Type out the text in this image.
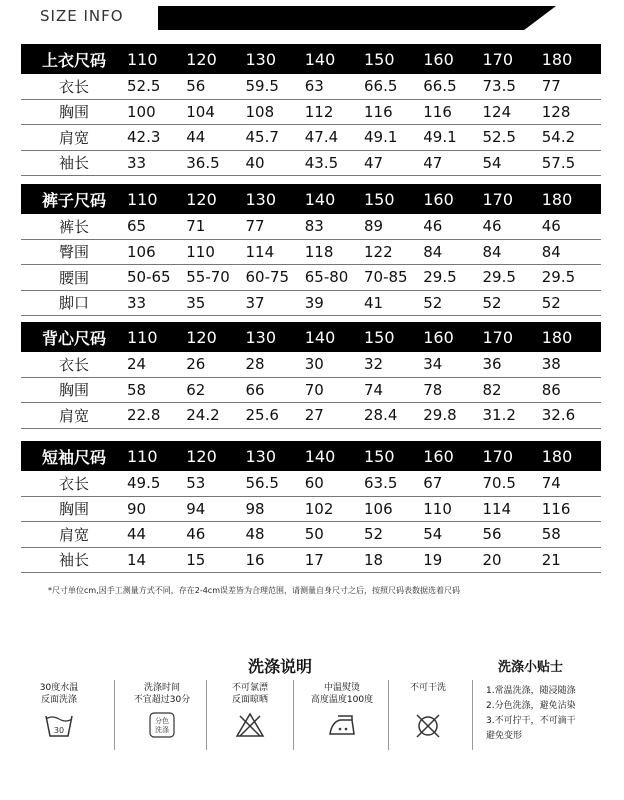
SIZE INFO
上衣尺码	110	120	130	140	150	160	170	180
衣长	52.5	56	59.5	63	66.5	66.5	73.5	77
胸围	100	104	108	112	116	116	124	128
肩宽	42.3	44	45.7	47.4	49.1	49.1	52.5	54.2
袖长	33	36.5	40	43.5	47	47	54	57.5
裤子尺码	110	120	130	140	150	160	170	180
裤长	65	71	77	83	89	46	46	46
臀围	106	110	114	118	122	84	84	84
腰围	50-65	55-70	60-75	65-80	70-85	29.5	29.5	29.5
脚口	33	35	37	39	41	52	52	52
背心尺码	110	120	130	140	150	160	170	180
衣长	24	26	28	30	32	34	36	38
胸围	58	62	66	70	74	78	82	86
肩宽	22.8	24.2	25.6	27	28.4	29.8	31.2	32.6
短袖尺码	110	120	130	140	150	160	170	180
衣长	49.5	53	56.5	60	63.5	67	70.5	74
胸围	90	94	98	102	106	110	114	116
肩宽	44	46	48	50	52	54	56	58
袖长	14	15	16	17	18	19	20	21
*尺寸单位cm,因手工测量方式不同，存在2-4cm误差皆为合理范围，请测量自身尺寸之后，按照尺码表数据选着尺码
洗涤说明	洗涤小贴士
30度水温
反面洗涤
30
洗涤时间
不宜超过30分
分色
洗涤
不可氯漂
反面晾晒
中温熨烫
高度温度100度
不可干洗	1.常温洗涤，随浸随涤
2.分色洗涤，避免沾染
3.不可拧干，不可滴干
避免变形
